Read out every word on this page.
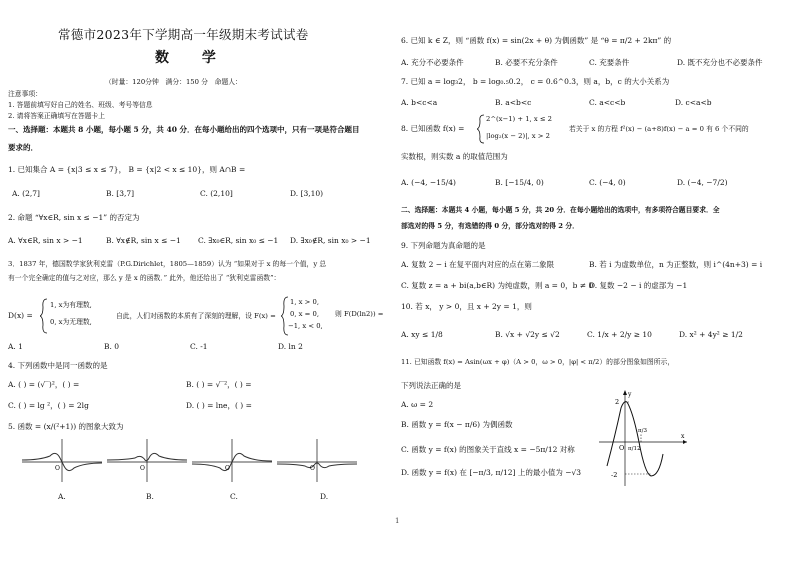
常德市2023年下学期高一年级期末考试试卷
数 学
（时量：120分钟　满分：150 分　命题人：
注意事项：
1. 答题前填写好自己的姓名、班级、考号等信息
2. 请将答案正确填写在答题卡上
一、选择题：本题共 8 小题，每小题 5 分，共 40 分．在每小题给出的四个选项中，只有一项是符合题目
要求的．
1. 已知集合 A = {x|3 ≤ x ≤ 7}， B = {x|2 < x ≤ 10}，则 A∩B =
A. (2,7]	B. [3,7]	C. (2,10]	D. [3,10)
2. 命题 “∀x∈R, sin x ≤ −1” 的否定为
A. ∀x∈R, sin x > −1	B. ∀x∉R, sin x ≤ −1 C. ∃x₀∈R, sin x₀ ≤ −1 D. ∃x₀∉R, sin x₀ > −1
3．1837 年，德国数学家狄利克雷（P.G.Dirichlet，1805—1859）认为 “如果对于 x 的每一个值，y 总
有一个完全确定的值与之对应，那么 y 是 x 的函数．” 此外，他还给出了 “狄利克雷函数”：
D(x) =
1, x为有理数,
0, x为无理数,
自此，人们对函数的本质有了深刻的理解，设 F(x) =
1, x > 0,
0, x = 0,
−1, x < 0,
则 F(D(ln2)) =
A. 1	B. 0	C. -1	D. ln 2
4. 下列函数中是同一函数的是
A. ( ) = (√‾)²，( ) =	B. ( ) = √‾²，( ) =
C. ( ) = lg ²，( ) = 2lg	D. ( ) = lne，( ) =
5. 函数 = (x/(²+1)) 的图象大致为
O
A.
O
B.
O
C.
O
D.
6. 已知 k ∈ Z，则 “函数 f(x) = sin(2x + θ) 为偶函数” 是 “θ = π/2 + 2kπ” 的
A. 充分不必要条件	B. 必要不充分条件	C. 充要条件	D. 既不充分也不必要条件
7. 已知 a = log₃2， b = log₀.₅0.2， c = 0.6^0.3，则 a，b，c 的大小关系为
A. b<c<a	B. a<b<c	C. a<c<b	D. c<a<b
8. 已知函数 f(x) =
2^(x−1) + 1, x ≤ 2
|log₂(x − 2)|, x > 2
若关于 x 的方程 f²(x) − (a+8)f(x) − a = 0 有 6 个不同的
实数根，则实数 a 的取值范围为
A. (−4, −15/4)	B. [−15/4, 0)	C. (−4, 0)	D. (−4, −7/2)
二、选择题：本题共 4 小题，每小题 5 分，共 20 分．在每小题给出的选项中，有多项符合题目要求．全
部选对的得 5 分，有选错的得 0 分，部分选对的得 2 分．
9. 下列命题为真命题的是
A. 复数 2 − i 在复平面内对应的点在第二象限	B. 若 i 为虚数单位，n 为正整数，则 i^(4n+3) = i
C. 复数 z = a + bi(a,b∈R) 为纯虚数，则 a = 0，b ≠ 0
D. 复数 −2 − i 的虚部为 −1
10. 若 x， y > 0，且 x + 2y = 1，则
A. xy ≤ 1/8	B. √x + √2y ≤ √2	C. 1/x + 2/y ≥ 10	D. x² + 4y² ≥ 1/2
11. 已知函数 f(x) = Asin(ωx + φ)（A > 0，ω > 0，|φ| < π/2）的部分图象如图所示，
下列说法正确的是
A. ω = 2
B. 函数 y = f(x − π/6) 为偶函数
C. 函数 y = f(x) 的图象关于直线 x = −5π/12 对称
D. 函数 y = f(x) 在 [−π/3, π/12] 上的最小值为 −√3
2
-2
O π/12
π/3
x
y
1
